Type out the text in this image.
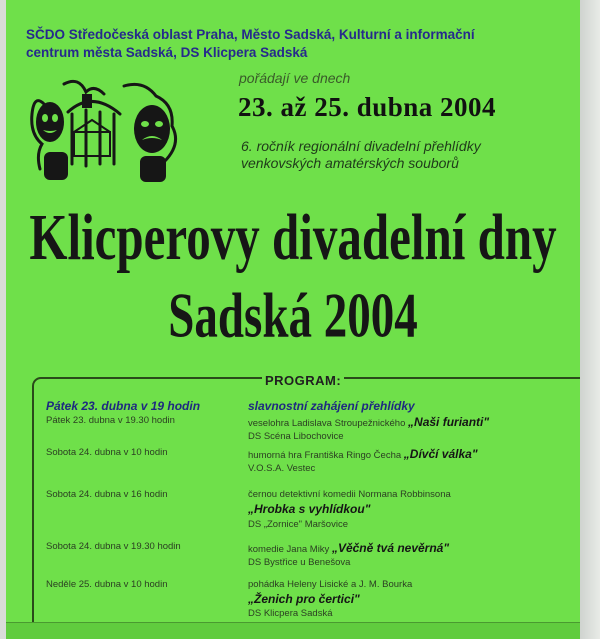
SČDO Středočeská oblast Praha, Město Sadská, Kulturní a informační
centrum města Sadská, DS Klicpera Sadská
pořádají ve dnech
23. až 25. dubna 2004
6. ročník regionální divadelní přehlídky
venkovských amatérských souborů
Klicperovy divadelní dny
Sadská 2004
Pátek 23. dubna v 19 hodin	slavnostní zahájení přehlídky
Pátek 23. dubna v 19.30 hodin	veselohra Ladislava Stroupežnického „Naši furianti"
DS Scéna Libochovice
Sobota 24. dubna v 10 hodin	humorná hra Františka Ringo Čecha „Dívčí válka"
V.O.S.A. Vestec
Sobota 24. dubna v 16 hodin	černou detektivní komedii Normana Robbinsona
„Hrobka s vyhlídkou"
DS „Zornice" Maršovice
Sobota 24. dubna v 19.30 hodin	komedie Jana Miky „Věčně tvá nevěrná"
DS Bystřice u Benešova
Neděle 25. dubna v 10 hodin	pohádka Heleny Lisické a J. M. Bourka
„Ženich pro čertici"
DS Klicpera Sadská
PROGRAM:
